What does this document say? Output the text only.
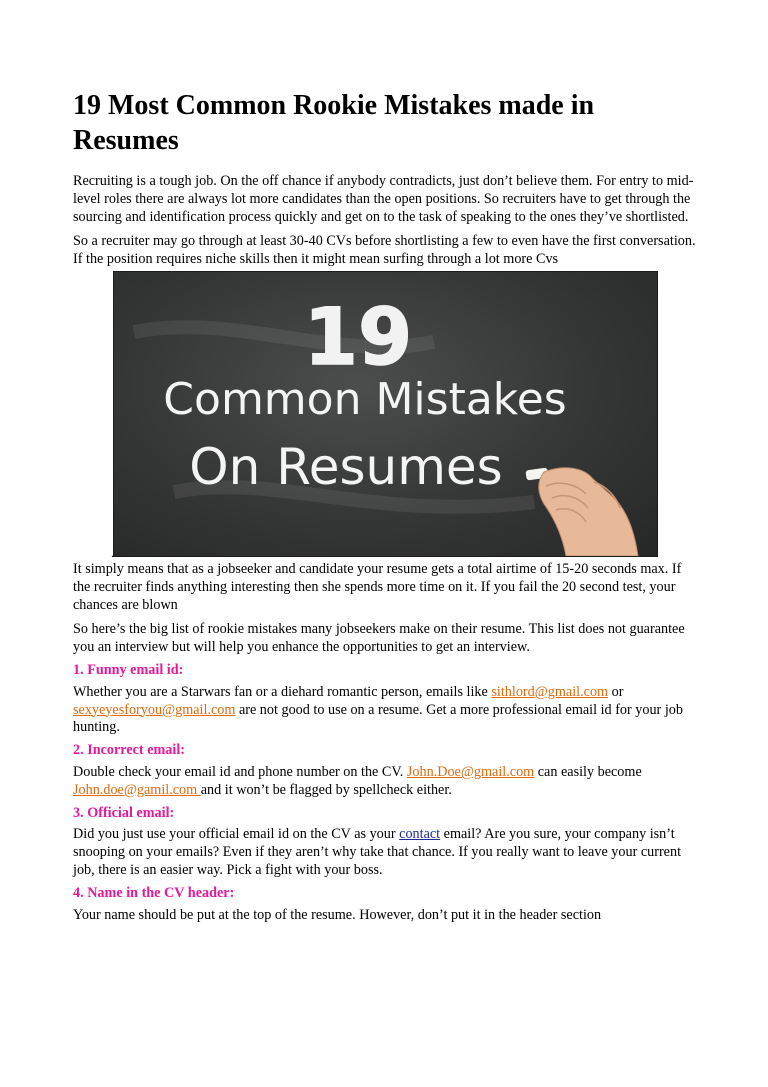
19 Most Common Rookie Mistakes made in Resumes

Recruiting is a tough job. On the off chance if anybody contradicts, just don’t believe them. For entry to mid-level roles there are always lot more candidates than the open positions. So recruiters have to get through the sourcing and identification process quickly and get on to the task of speaking to the ones they’ve shortlisted.

So a recruiter may go through at least 30-40 CVs before shortlisting a few to even have the first conversation. If the position requires niche skills then it might mean surfing through a lot more Cvs

19
Common Mistakes
On Resumes
.

It simply means that as a jobseeker and candidate your resume gets a total airtime of 15-20 seconds max. If the recruiter finds anything interesting then she spends more time on it. If you fail the 20 second test, your chances are blown

So here’s the big list of rookie mistakes many jobseekers make on their resume. This list does not guarantee you an interview but will help you enhance the opportunities to get an interview.

1. Funny email id:

Whether you are a Starwars fan or a diehard romantic person, emails like sithlord@gmail.com or sexyeyesforyou@gmail.com are not good to use on a resume. Get a more professional email id for your job hunting.

2. Incorrect email:

Double check your email id and phone number on the CV. John.Doe@gmail.com can easily become John.doe@gamil.com and it won’t be flagged by spellcheck either.

3. Official email:

Did you just use your official email id on the CV as your contact email? Are you sure, your company isn’t snooping on your emails? Even if they aren’t why take that chance. If you really want to leave your current job, there is an easier way. Pick a fight with your boss.

4. Name in the CV header:

Your name should be put at the top of the resume. However, don’t put it in the header section
